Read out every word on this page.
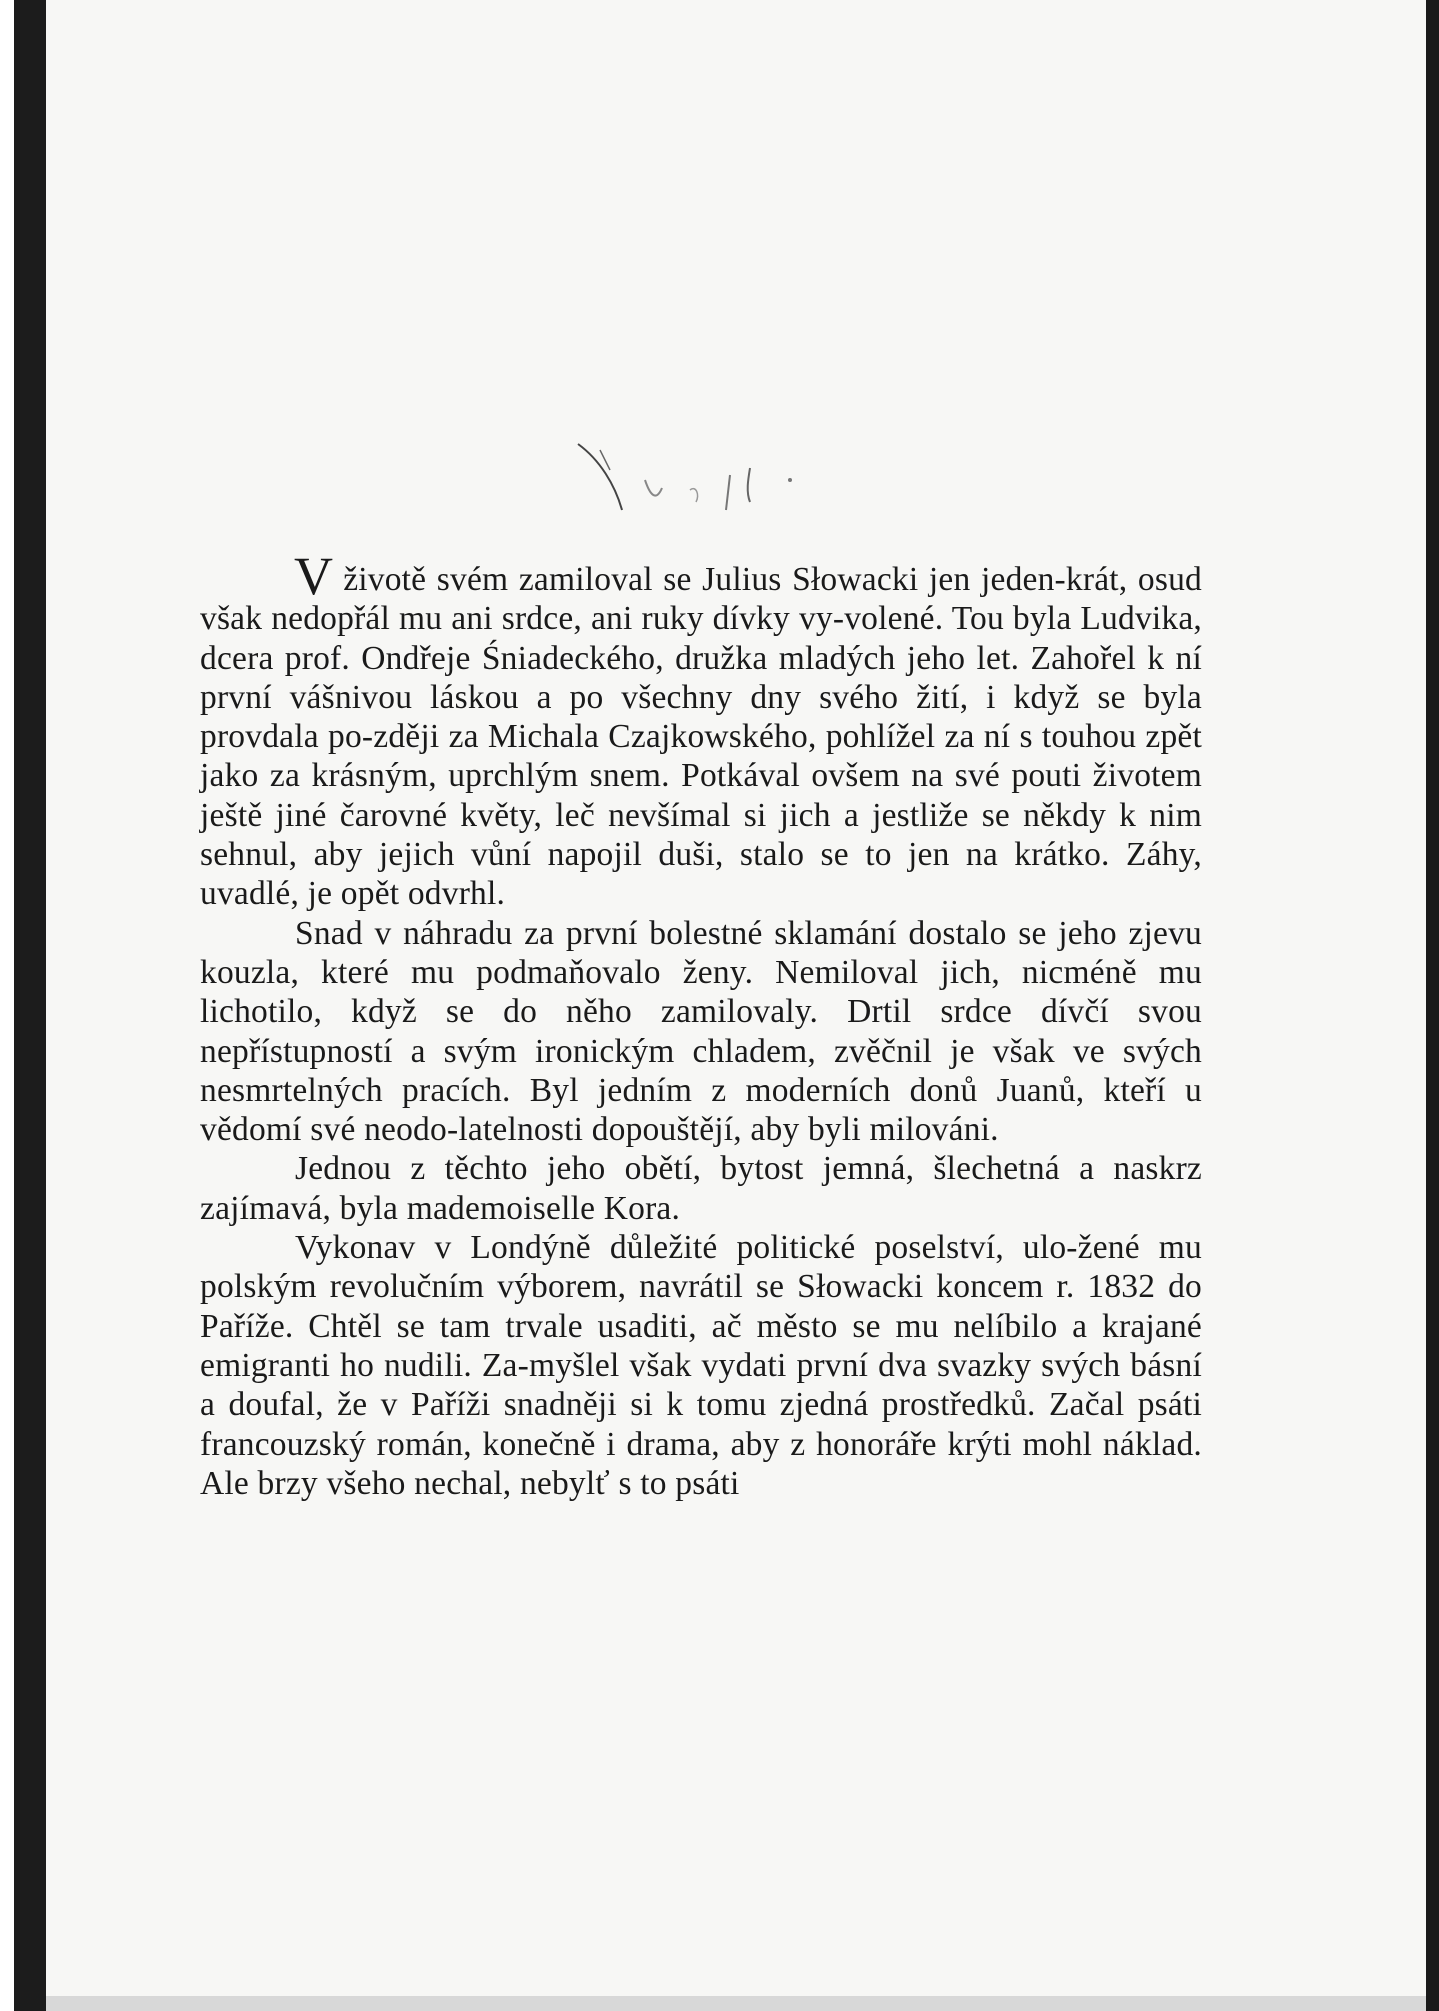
Vživotě svém zamiloval se Julius Słowacki jen jeden-krát, osud však nedopřál mu ani srdce, ani ruky dívky vy-volené. Tou byla Ludvika, dcera prof. Ondřeje Śniadeckého, družka mladých jeho let. Zahořel k ní první vášnivou láskou a po všechny dny svého žití, i když se byla provdala po-zději za Michala Czajkowského, pohlížel za ní s touhou zpět jako za krásným, uprchlým snem. Potkával ovšem na své pouti životem ještě jiné čarovné květy, leč nevšímal si jich a jestliže se někdy k nim sehnul, aby jejich vůní napojil duši, stalo se to jen na krátko. Záhy, uvadlé, je opět odvrhl.

Snad v náhradu za první bolestné sklamání dostalo se jeho zjevu kouzla, které mu podmaňovalo ženy. Nemiloval jich, nicméně mu lichotilo, když se do něho zamilovaly. Drtil srdce dívčí svou nepřístupností a svým ironickým chladem, zvěčnil je však ve svých nesmrtelných pracích. Byl jedním z moderních donů Juanů, kteří u vědomí své neodo-latelnosti dopouštějí, aby byli milováni.

Jednou z těchto jeho obětí, bytost jemná, šlechetná a naskrz zajímavá, byla mademoiselle Kora.

Vykonav v Londýně důležité politické poselství, ulo-žené mu polským revolučním výborem, navrátil se Słowacki koncem r. 1832 do Paříže. Chtěl se tam trvale usaditi, ač město se mu nelíbilo a krajané emigranti ho nudili. Za-myšlel však vydati první dva svazky svých básní a doufal, že v Paříži snadněji si k tomu zjedná prostředků. Začal psáti francouzský román, konečně i drama, aby z honoráře krýti mohl náklad. Ale brzy všeho nechal, nebylť s to psáti
